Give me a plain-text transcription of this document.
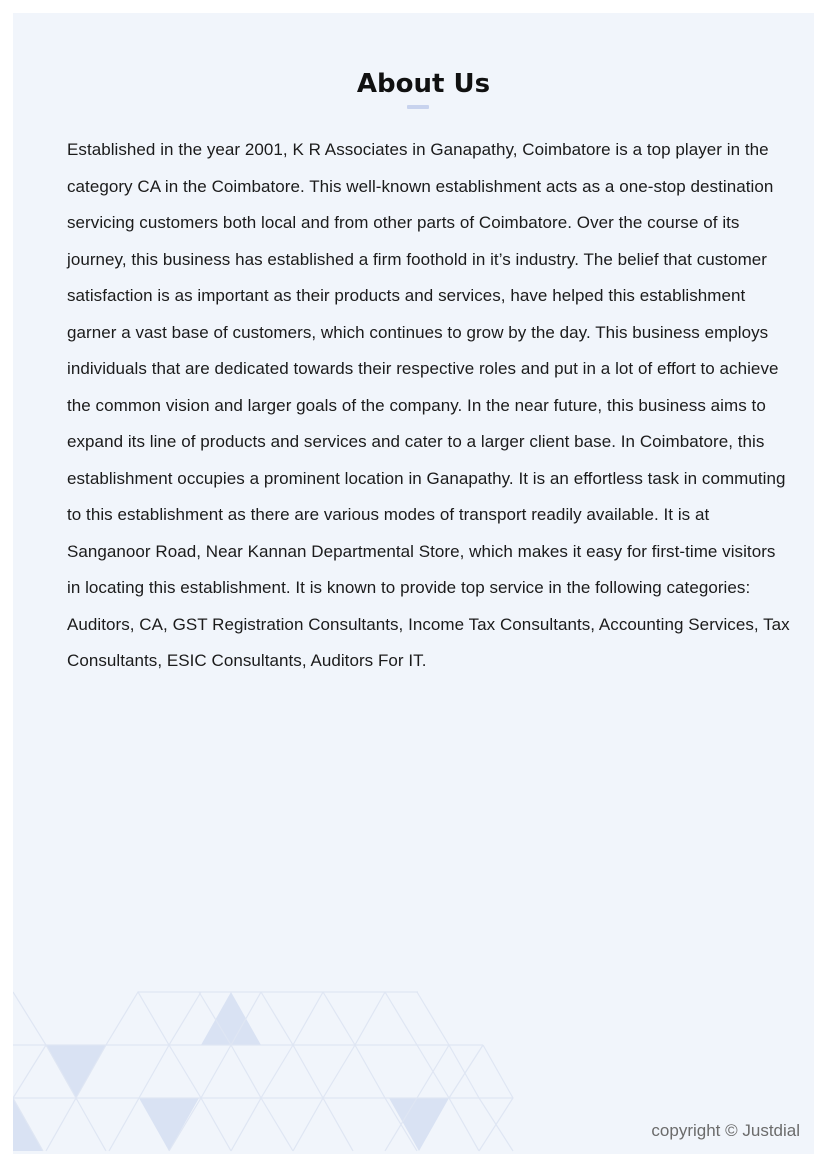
About Us

Established in the year 2001, K R Associates in Ganapathy, Coimbatore is a top player in the category CA in the Coimbatore. This well-known establishment acts as a one-stop destination servicing customers both local and from other parts of Coimbatore. Over the course of its journey, this business has established a firm foothold in it’s industry. The belief that customer satisfaction is as important as their products and services, have helped this establishment garner a vast base of customers, which continues to grow by the day. This business employs individuals that are dedicated towards their respective roles and put in a lot of effort to achieve the common vision and larger goals of the company. In the near future, this business aims to expand its line of products and services and cater to a larger client base. In Coimbatore, this establishment occupies a prominent location in Ganapathy. It is an effortless task in commuting to this establishment as there are various modes of transport readily available. It is at Sanganoor Road, Near Kannan Departmental Store, which makes it easy for first-time visitors in locating this establishment. It is known to provide top service in the following categories: Auditors, CA, GST Registration Consultants, Income Tax Consultants, Accounting Services, Tax Consultants, ESIC Consultants, Auditors For IT.

copyright © Justdial
